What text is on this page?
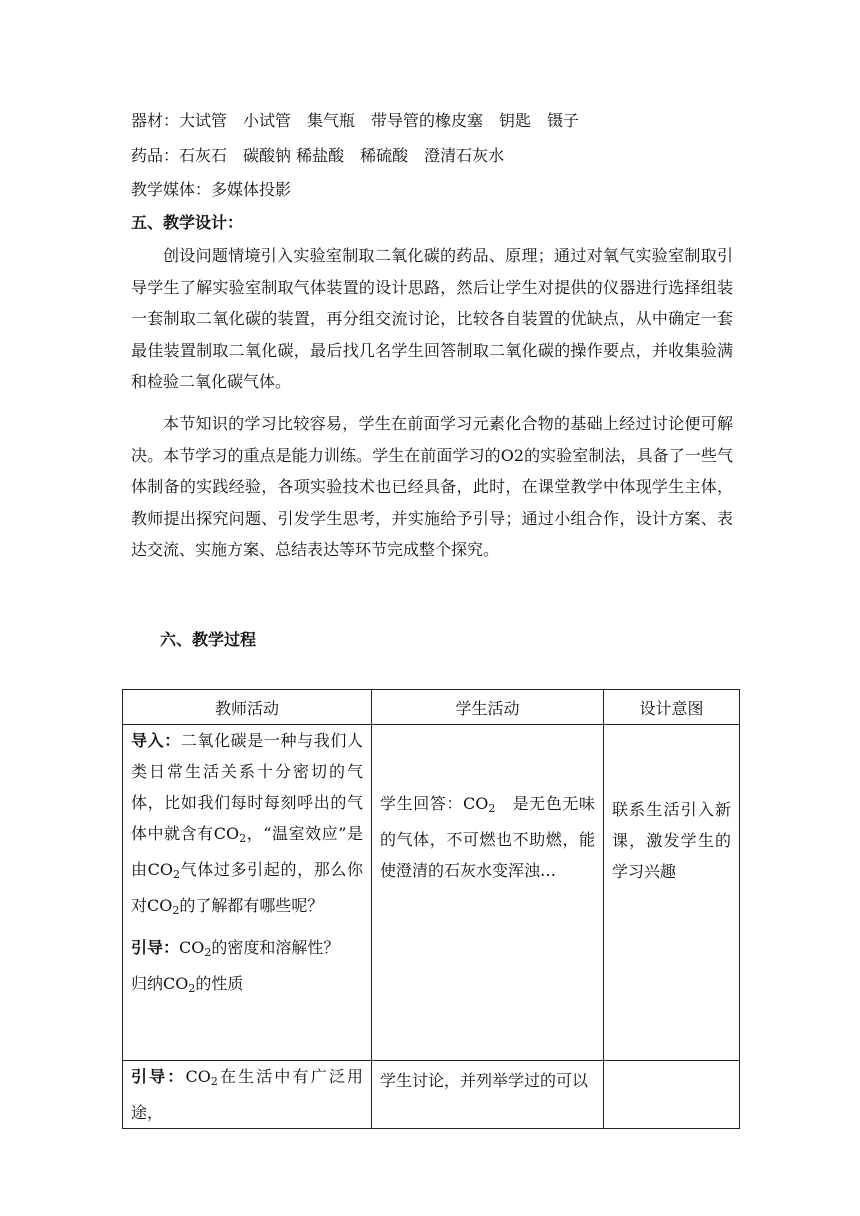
器材：大试管　小试管　集气瓶　带导管的橡皮塞　钥匙　镊子
药品：石灰石　碳酸钠 稀盐酸　稀硫酸　澄清石灰水
教学媒体：多媒体投影
五、教学设计：

创设问题情境引入实验室制取二氧化碳的药品、原理；通过对氧气实验室制取引导学生了解实验室制取气体装置的设计思路，然后让学生对提供的仪器进行选择组装一套制取二氧化碳的装置，再分组交流讨论，比较各自装置的优缺点，从中确定一套最佳装置制取二氧化碳，最后找几名学生回答制取二氧化碳的操作要点，并收集验满和检验二氧化碳气体。

本节知识的学习比较容易，学生在前面学习元素化合物的基础上经过讨论便可解决。本节学习的重点是能力训练。学生在前面学习的O2的实验室制法，具备了一些气体制备的实践经验，各项实验技术也已经具备，此时，在课堂教学中体现学生主体，教师提出探究问题、引发学生思考，并实施给予引导；通过小组合作，设计方案、表达交流、实施方案、总结表达等环节完成整个探究。

六、教学过程
教师活动	学生活动	设计意图

导入：二氧化碳是一种与我们人类日常生活关系十分密切的气体，比如我们每时每刻呼出的气体中就含有$CO_2$，“温室效应”是由$CO_2$气体过多引起的，那么你对$CO_2$的了解都有哪些呢？
引导：$CO_2$的密度和溶解性？
归纳$CO_2$的性质	学生回答：$CO_2$　是无色无味的气体，不可燃也不助燃，能使澄清的石灰水变浑浊…	联系生活引入新课，激发学生的学习兴趣

引导：$CO_2$在生活中有广泛用途，	学生讨论，并列举学过的可以	
